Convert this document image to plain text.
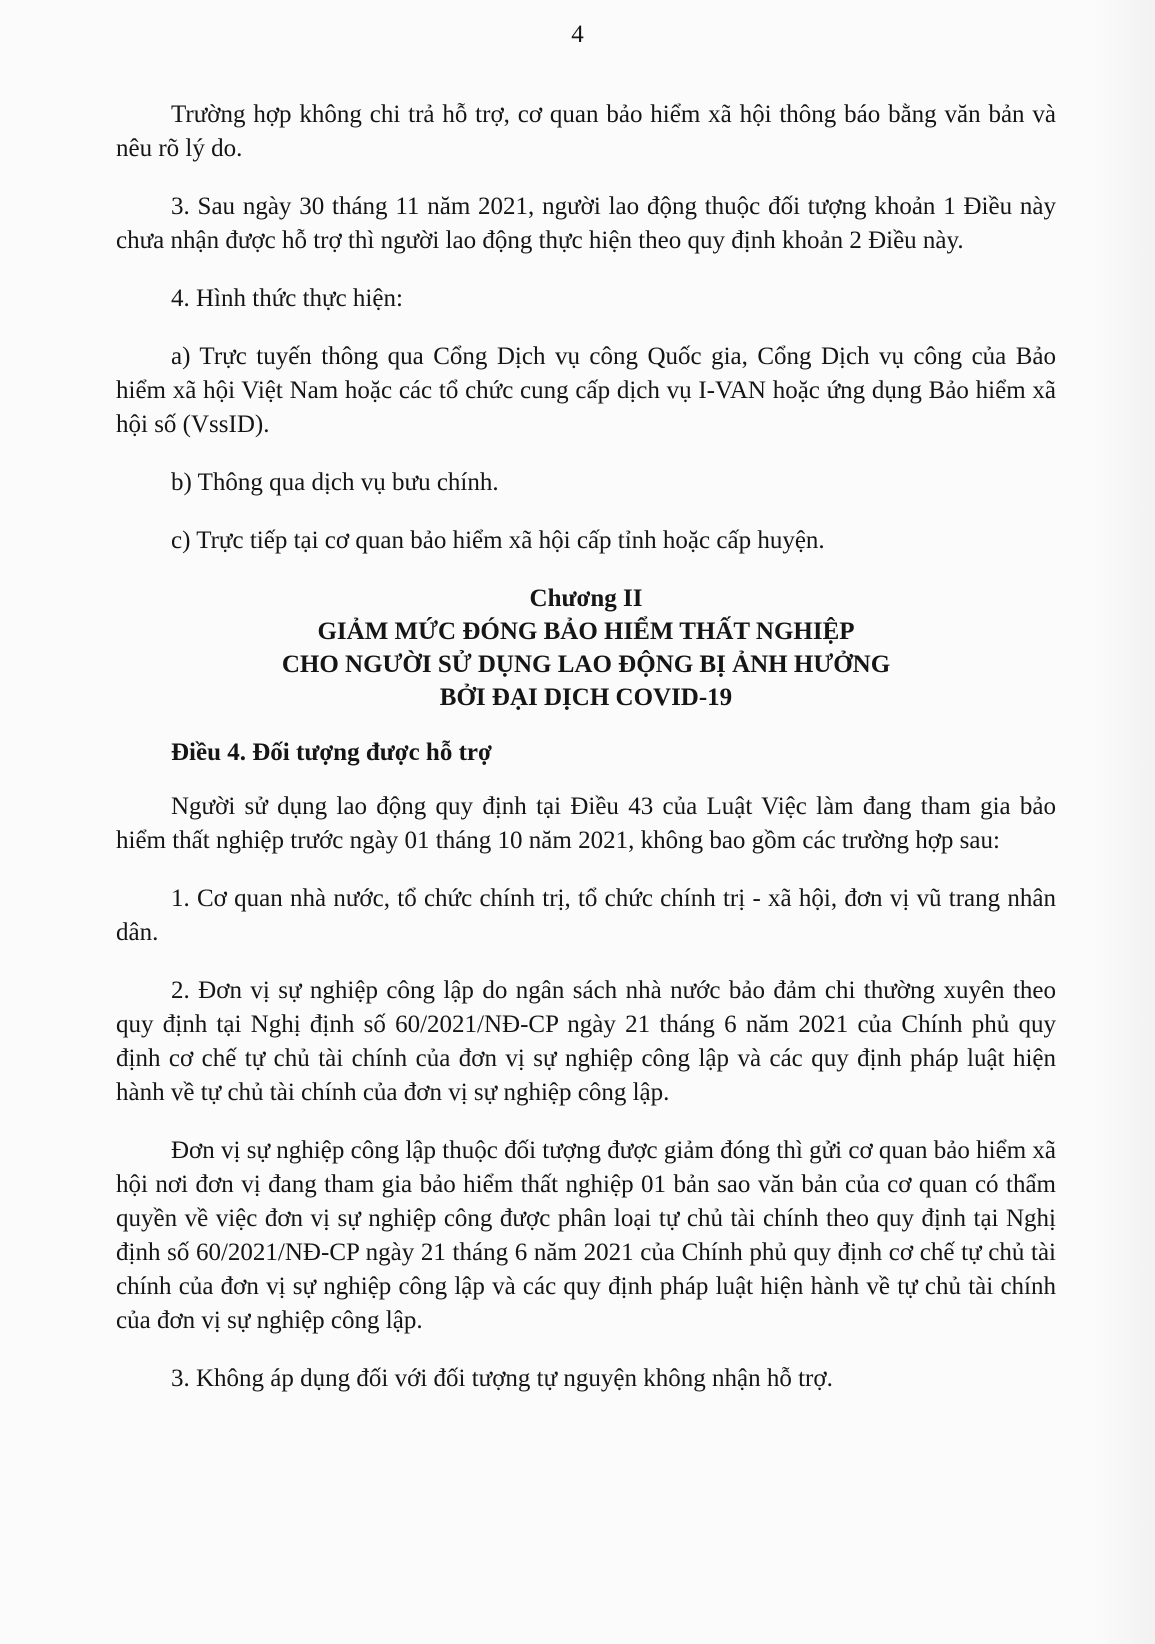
4

Trường hợp không chi trả hỗ trợ, cơ quan bảo hiểm xã hội thông báo bằng văn bản và nêu rõ lý do.

3. Sau ngày 30 tháng 11 năm 2021, người lao động thuộc đối tượng khoản 1 Điều này chưa nhận được hỗ trợ thì người lao động thực hiện theo quy định khoản 2 Điều này.

4. Hình thức thực hiện:

a) Trực tuyến thông qua Cổng Dịch vụ công Quốc gia, Cổng Dịch vụ công của Bảo hiểm xã hội Việt Nam hoặc các tổ chức cung cấp dịch vụ I-VAN hoặc ứng dụng Bảo hiểm xã hội số (VssID).

b) Thông qua dịch vụ bưu chính.

c) Trực tiếp tại cơ quan bảo hiểm xã hội cấp tỉnh hoặc cấp huyện.

Chương II
GIẢM MỨC ĐÓNG BẢO HIỂM THẤT NGHIỆP
CHO NGƯỜI SỬ DỤNG LAO ĐỘNG BỊ ẢNH HƯỞNG
BỞI ĐẠI DỊCH COVID-19
Điều 4. Đối tượng được hỗ trợ

Người sử dụng lao động quy định tại Điều 43 của Luật Việc làm đang tham gia bảo hiểm thất nghiệp trước ngày 01 tháng 10 năm 2021, không bao gồm các trường hợp sau:

1. Cơ quan nhà nước, tổ chức chính trị, tổ chức chính trị - xã hội, đơn vị vũ trang nhân dân.

2. Đơn vị sự nghiệp công lập do ngân sách nhà nước bảo đảm chi thường xuyên theo quy định tại Nghị định số 60/2021/NĐ-CP ngày 21 tháng 6 năm 2021 của Chính phủ quy định cơ chế tự chủ tài chính của đơn vị sự nghiệp công lập và các quy định pháp luật hiện hành về tự chủ tài chính của đơn vị sự nghiệp công lập.

Đơn vị sự nghiệp công lập thuộc đối tượng được giảm đóng thì gửi cơ quan bảo hiểm xã hội nơi đơn vị đang tham gia bảo hiểm thất nghiệp 01 bản sao văn bản của cơ quan có thẩm quyền về việc đơn vị sự nghiệp công được phân loại tự chủ tài chính theo quy định tại Nghị định số 60/2021/NĐ-CP ngày 21 tháng 6 năm 2021 của Chính phủ quy định cơ chế tự chủ tài chính của đơn vị sự nghiệp công lập và các quy định pháp luật hiện hành về tự chủ tài chính của đơn vị sự nghiệp công lập.

3. Không áp dụng đối với đối tượng tự nguyện không nhận hỗ trợ.
